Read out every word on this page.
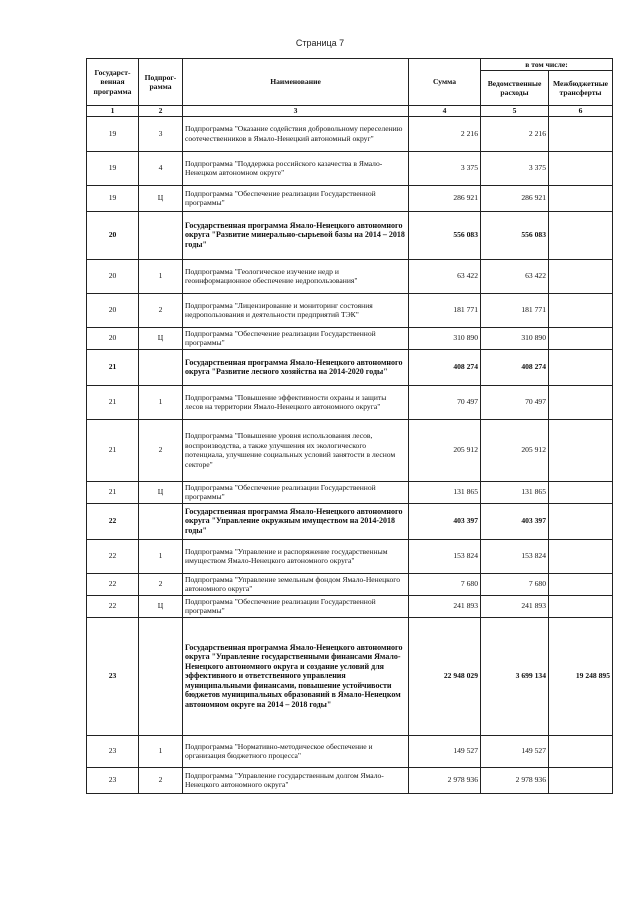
Страница 7
Государст-венная программа	Подпрог-рамма	Наименование	Сумма	в том числе:	
				Ведомственные расходы	Межбюджетные трансферты
1	2	3	4	5	6
19	3	Подпрограмма "Оказание содействия добровольному переселению соотечественников в Ямало-Ненецкий автономный округ"	2 216	2 216	
19	4	Подпрограмма "Поддержка российского казачества в Ямало-Ненецком автономном округе"	3 375	3 375	
19	Ц	Подпрограмма "Обеспечение реализации Государственной программы"	286 921	286 921	
20		Государственная программа Ямало-Ненецкого автономного округа "Развитие минерально-сырьевой базы на 2014 – 2018 годы"	556 083	556 083	
20	1	Подпрограмма "Геологическое изучение недр и геоинформационное обеспечение недропользования"	63 422	63 422	
20	2	Подпрограмма "Лицензирование и мониторинг состояния недропользования и деятельности предприятий ТЭК"	181 771	181 771	
20	Ц	Подпрограмма "Обеспечение реализации Государственной программы"	310 890	310 890	
21		Государственная программа Ямало-Ненецкого автономного округа "Развитие лесного хозяйства на 2014-2020 годы"	408 274	408 274	
21	1	Подпрограмма "Повышение эффективности охраны и защиты лесов на территории Ямало-Ненецкого автономного округа"	70 497	70 497	
21	2	Подпрограмма "Повышение уровня использования лесов, воспроизводства, а также улучшения их экологического потенциала, улучшение социальных условий занятости в лесном секторе"	205 912	205 912	
21	Ц	Подпрограмма "Обеспечение реализации Государственной программы"	131 865	131 865	
22		Государственная программа Ямало-Ненецкого автономного округа "Управление окружным имуществом на 2014-2018 годы"	403 397	403 397	
22	1	Подпрограмма "Управление и распоряжение государственным имуществом Ямало-Ненецкого автономного округа"	153 824	153 824	
22	2	Подпрограмма "Управление земельным фондом Ямало-Ненецкого автономного округа"	7 680	7 680	
22	Ц	Подпрограмма "Обеспечение реализации Государственной программы"	241 893	241 893	
23		Государственная программа Ямало-Ненецкого автономного округа "Управление государственными финансами Ямало-Ненецкого автономного округа и создание условий для эффективного и ответственного управления муниципальными финансами, повышение устойчивости бюджетов муниципальных образований в Ямало-Ненецком автономном округе на 2014 – 2018 годы"	22 948 029	3 699 134	19 248 895
23	1	Подпрограмма "Нормативно-методическое обеспечение и организация бюджетного процесса"	149 527	149 527	
23	2	Подпрограмма "Управление государственным долгом Ямало-Ненецкого автономного округа"	2 978 936	2 978 936	
